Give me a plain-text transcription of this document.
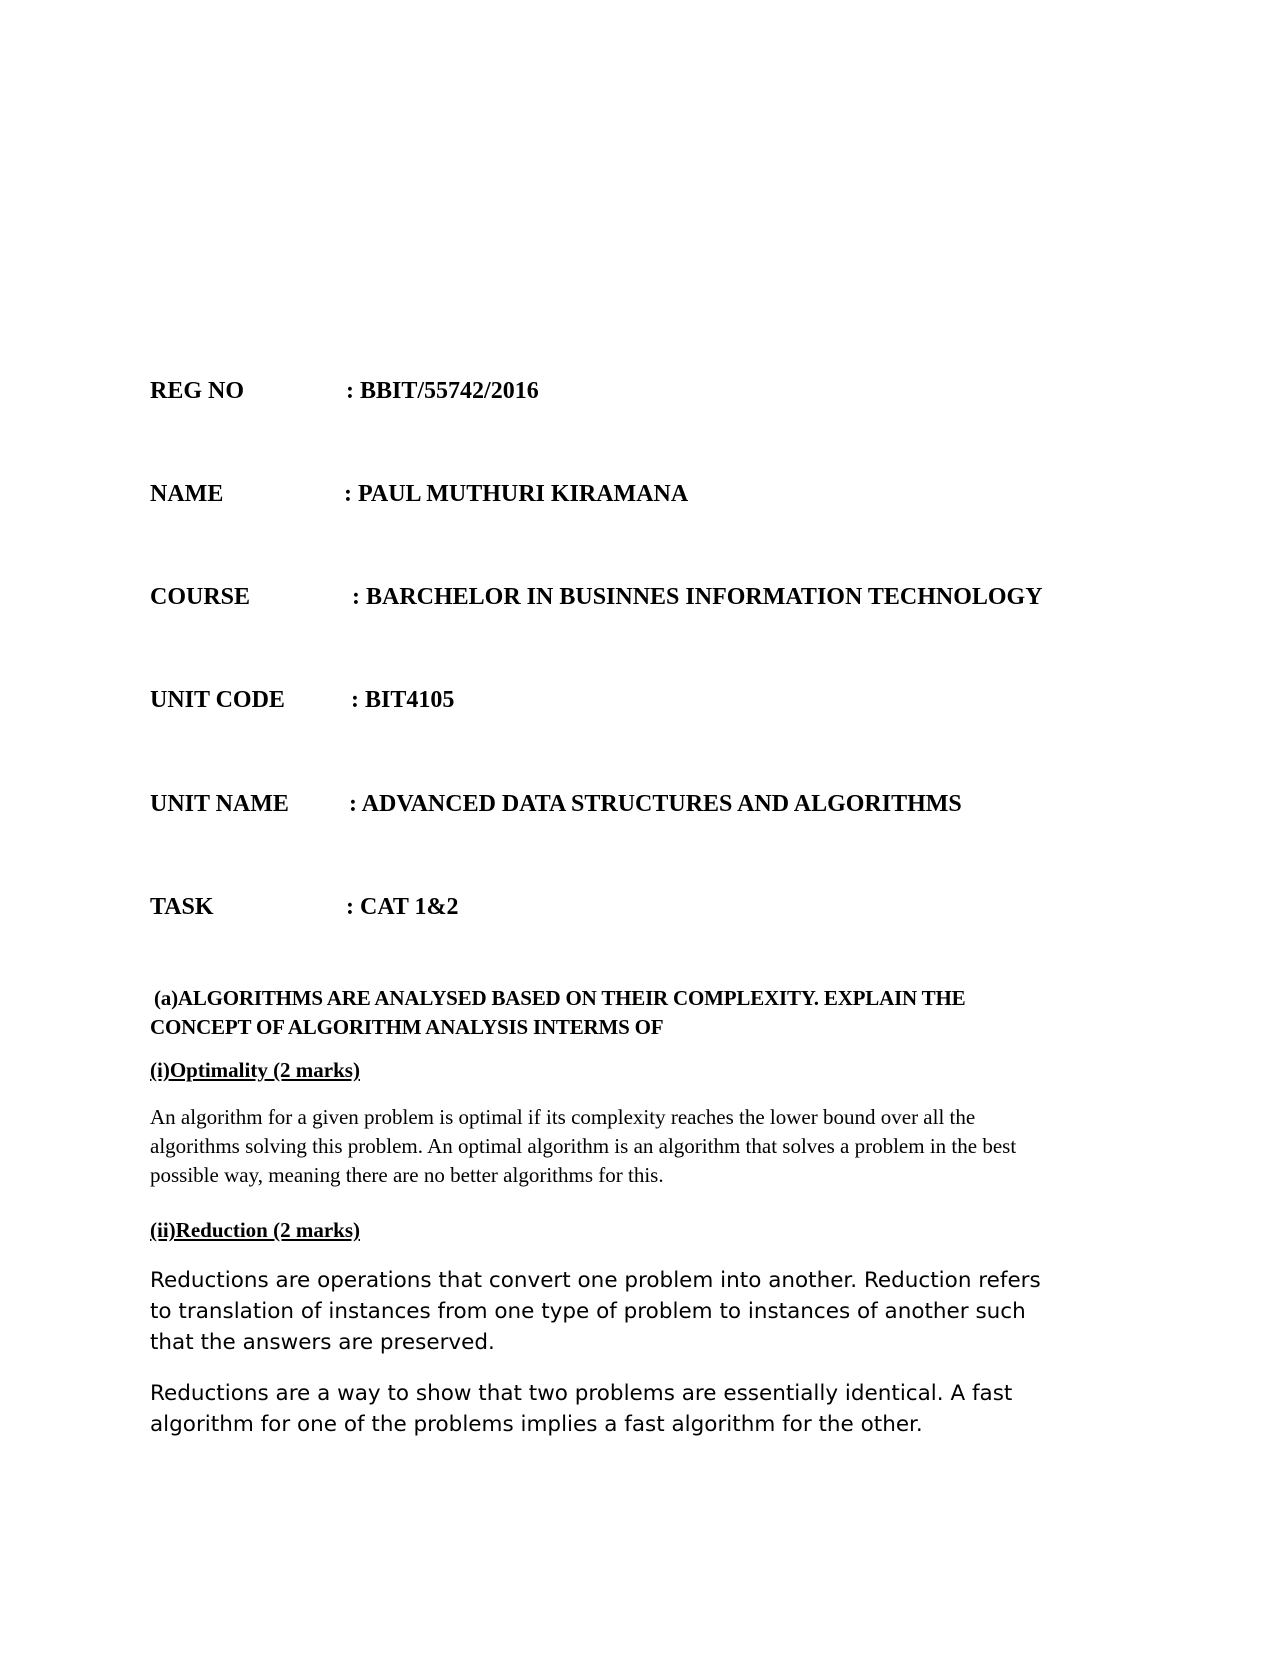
REG NO	: BBIT/55742/2016
NAME	: PAUL MUTHURI KIRAMANA
COURSE	: BARCHELOR IN BUSINNES INFORMATION TECHNOLOGY
UNIT CODE	: BIT4105
UNIT NAME	: ADVANCED DATA STRUCTURES AND ALGORITHMS
TASK	: CAT 1&2
(a)ALGORITHMS ARE ANALYSED BASED ON THEIR COMPLEXITY. EXPLAIN THE
CONCEPT OF ALGORITHM ANALYSIS INTERMS OF
(i)Optimality (2 marks)
An algorithm for a given problem is optimal if its complexity reaches the lower bound over all the
algorithms solving this problem. An optimal algorithm is an algorithm that solves a problem in the best
possible way, meaning there are no better algorithms for this.
(ii)Reduction (2 marks)
Reductions are operations that convert one problem into another. Reduction refers
to translation of instances from one type of problem to instances of another such
that the answers are preserved.
Reductions are a way to show that two problems are essentially identical. A fast
algorithm for one of the problems implies a fast algorithm for the other.
